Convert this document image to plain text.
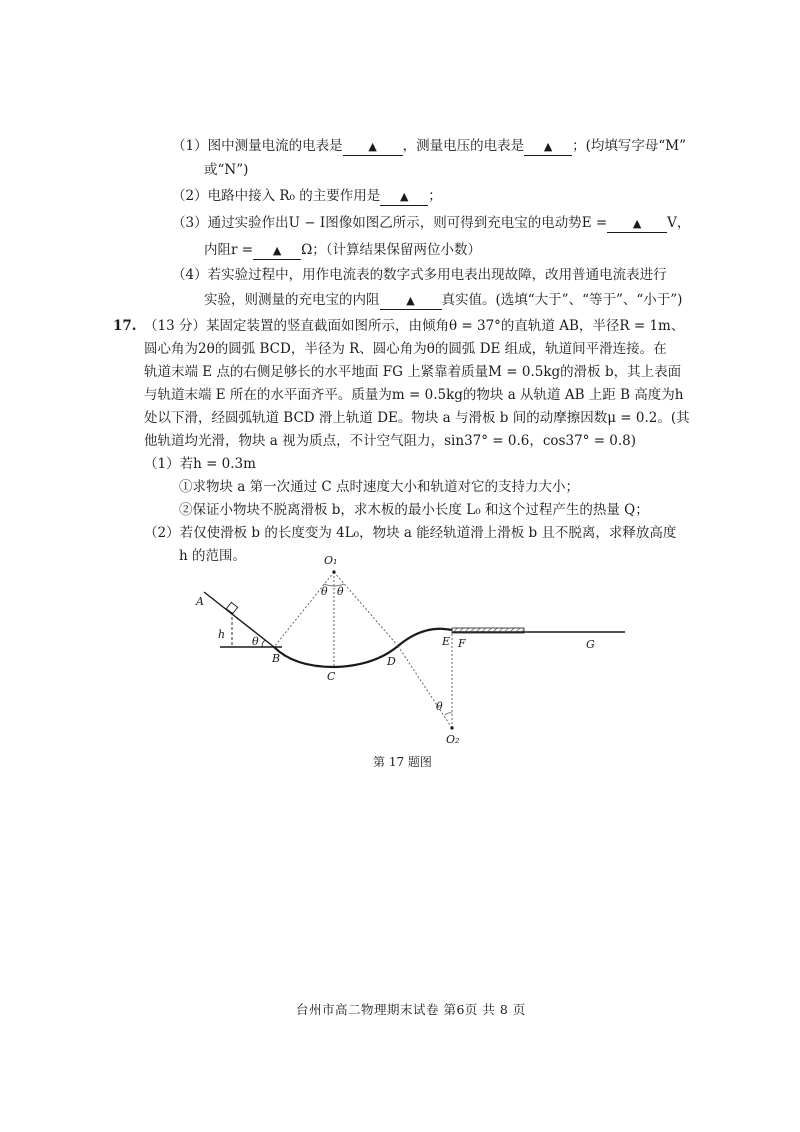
（1）图中测量电流的电表是 ▲ ，测量电压的电表是 ▲ ；(均填写字母“M”
或“N”)
（2）电路中接入 R₀ 的主要作用是 ▲ ；
（3）通过实验作出U − I图像如图乙所示，则可得到充电宝的电动势E = ▲ V，
内阻r = ▲ Ω；（计算结果保留两位小数）
（4）若实验过程中，用作电流表的数字式多用电表出现故障，改用普通电流表进行
实验，则测量的充电宝的内阻 ▲ 真实值。(选填“大于”、“等于”、“小于”)
17. （13 分）某固定装置的竖直截面如图所示，由倾角θ = 37°的直轨道 AB，半径R = 1m、
圆心角为2θ的圆弧 BCD，半径为 R、圆心角为θ的圆弧 DE 组成，轨道间平滑连接。在
轨道末端 E 点的右侧足够长的水平地面 FG 上紧靠着质量M = 0.5kg的滑板 b，其上表面
与轨道末端 E 所在的水平面齐平。质量为m = 0.5kg的物块 a 从轨道 AB 上距 B 高度为h
处以下滑，经圆弧轨道 BCD 滑上轨道 DE。物块 a 与滑板 b 间的动摩擦因数μ = 0.2。(其
他轨道均光滑，物块 a 视为质点，不计空气阻力，sin37° = 0.6，cos37° = 0.8)
（1）若h = 0.3m
①求物块 a 第一次通过 C 点时速度大小和轨道对它的支持力大小；
②保证小物块不脱离滑板 b，求木板的最小长度 L₀ 和这个过程产生的热量 Q；
（2）若仅使滑板 b 的长度变为 4L₀，物块 a 能经轨道滑上滑板 b 且不脱离，求释放高度
h 的范围。
A
h
θ
B
C
D
E F	G
O₁
θ θ
θ
O₂
第 17 题图
台州市高二物理期末试卷 第6页 共 8 页
